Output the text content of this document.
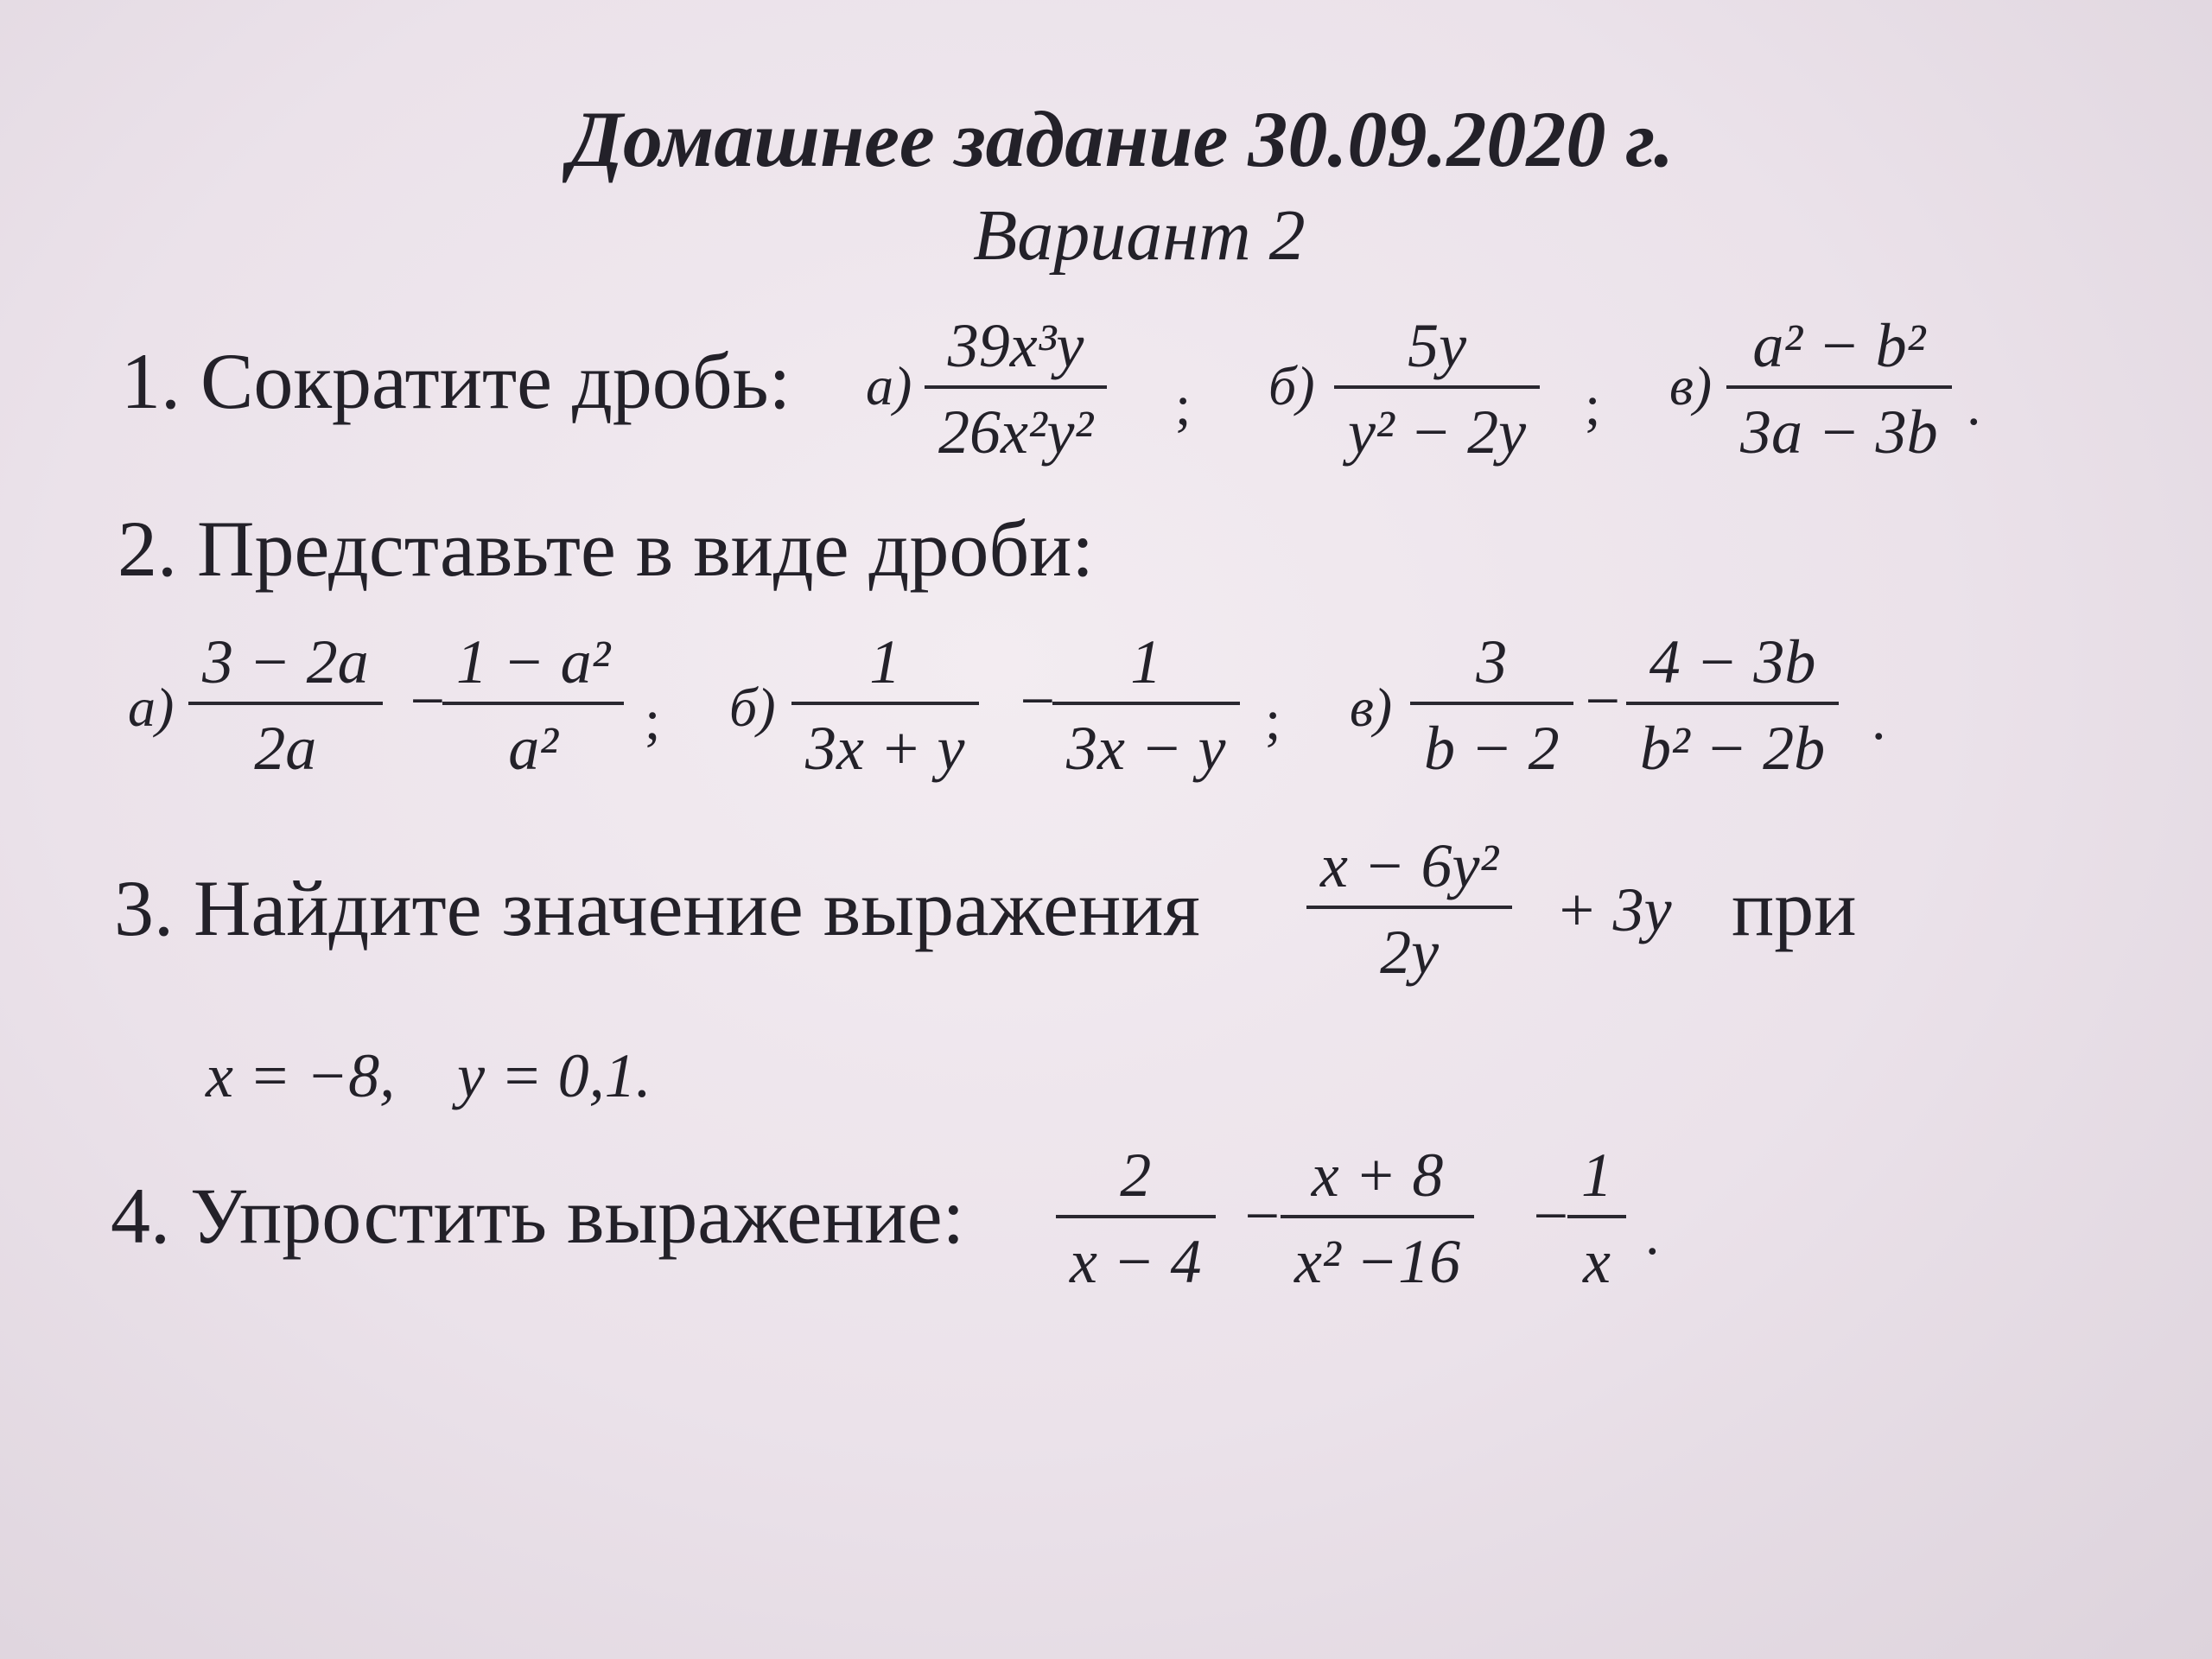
Домашнее задание 30.09.2020 г.
Вариант 2
1. Сократите дробь: $а) \frac{\text{39x³y}}{\text{26x²y²}}$ ; $б) \frac{5y}{\text{y² − 2y}}$ ; $в) \frac{\text{a² − b²}}{3a - 3b}$ .
2. Представьте в виде дроби:
$а) \frac{3 - 2a}{2a} - \frac{\text{1 − a²}}{\text{a²}}$ ; $б) \frac{1}{3x + y} - \frac{1}{3x - y}$ ; $в) \frac{3}{b - 2} - \frac{4 - 3b}{\text{b² − 2b}}$ .
3. Найдите значение выражения $\frac{\text{x − 6y²}}{2y} + 3y$ при
x = −8,    y = 0,1.
4. Упростить выражение: $\frac{2}{x - 4} - \frac{x + 8}{\text{x² −16}} - \frac{1}{x}$ .
